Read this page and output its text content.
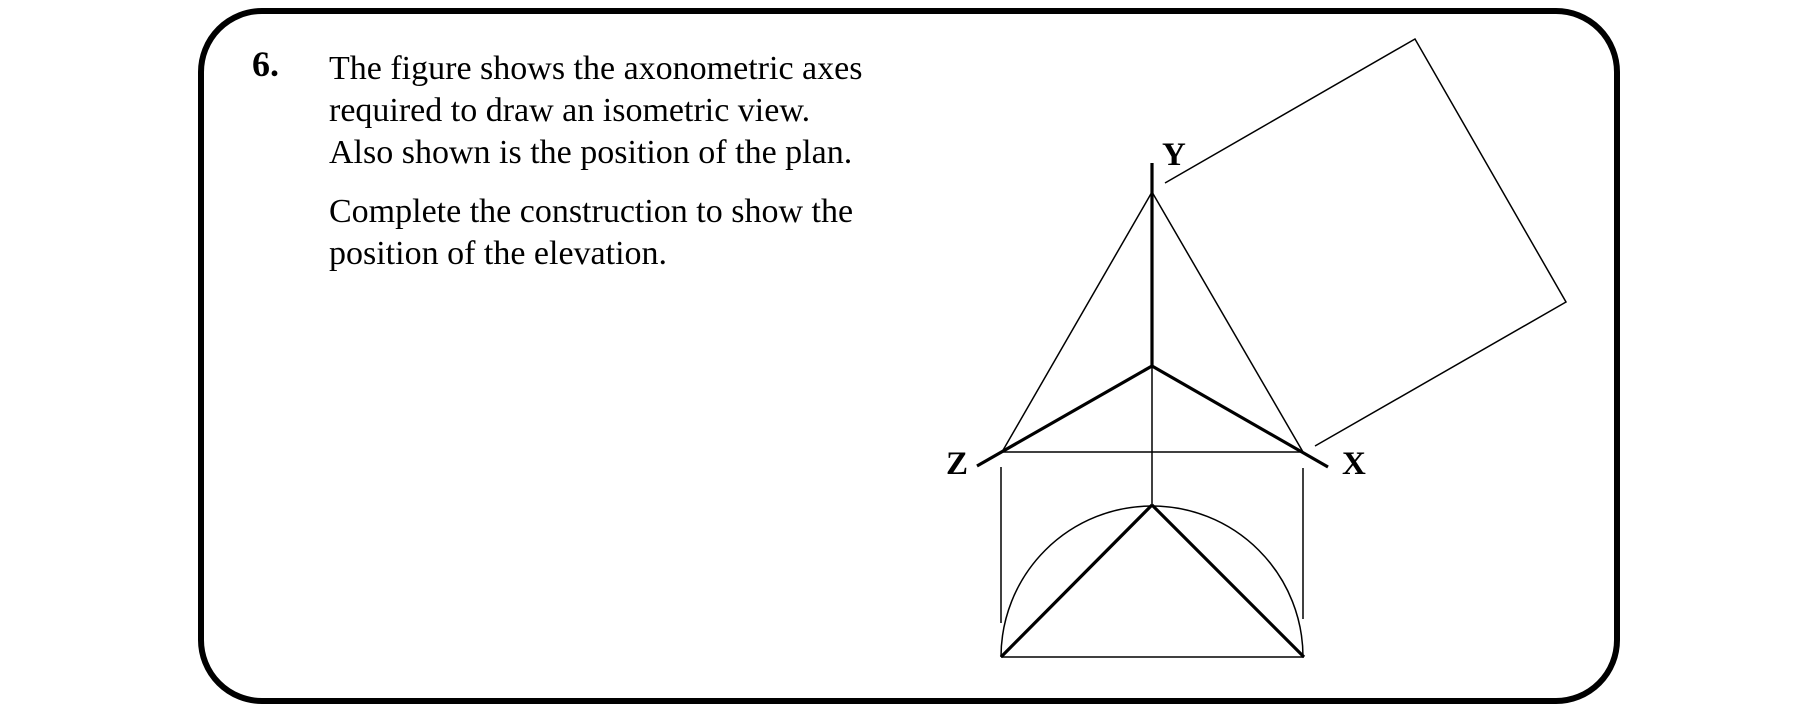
6. The figure shows the axonometric axes
required to draw an isometric view.
Also shown is the position of the plan.

Complete the construction to show the
position of the elevation.

Y
Z	X
